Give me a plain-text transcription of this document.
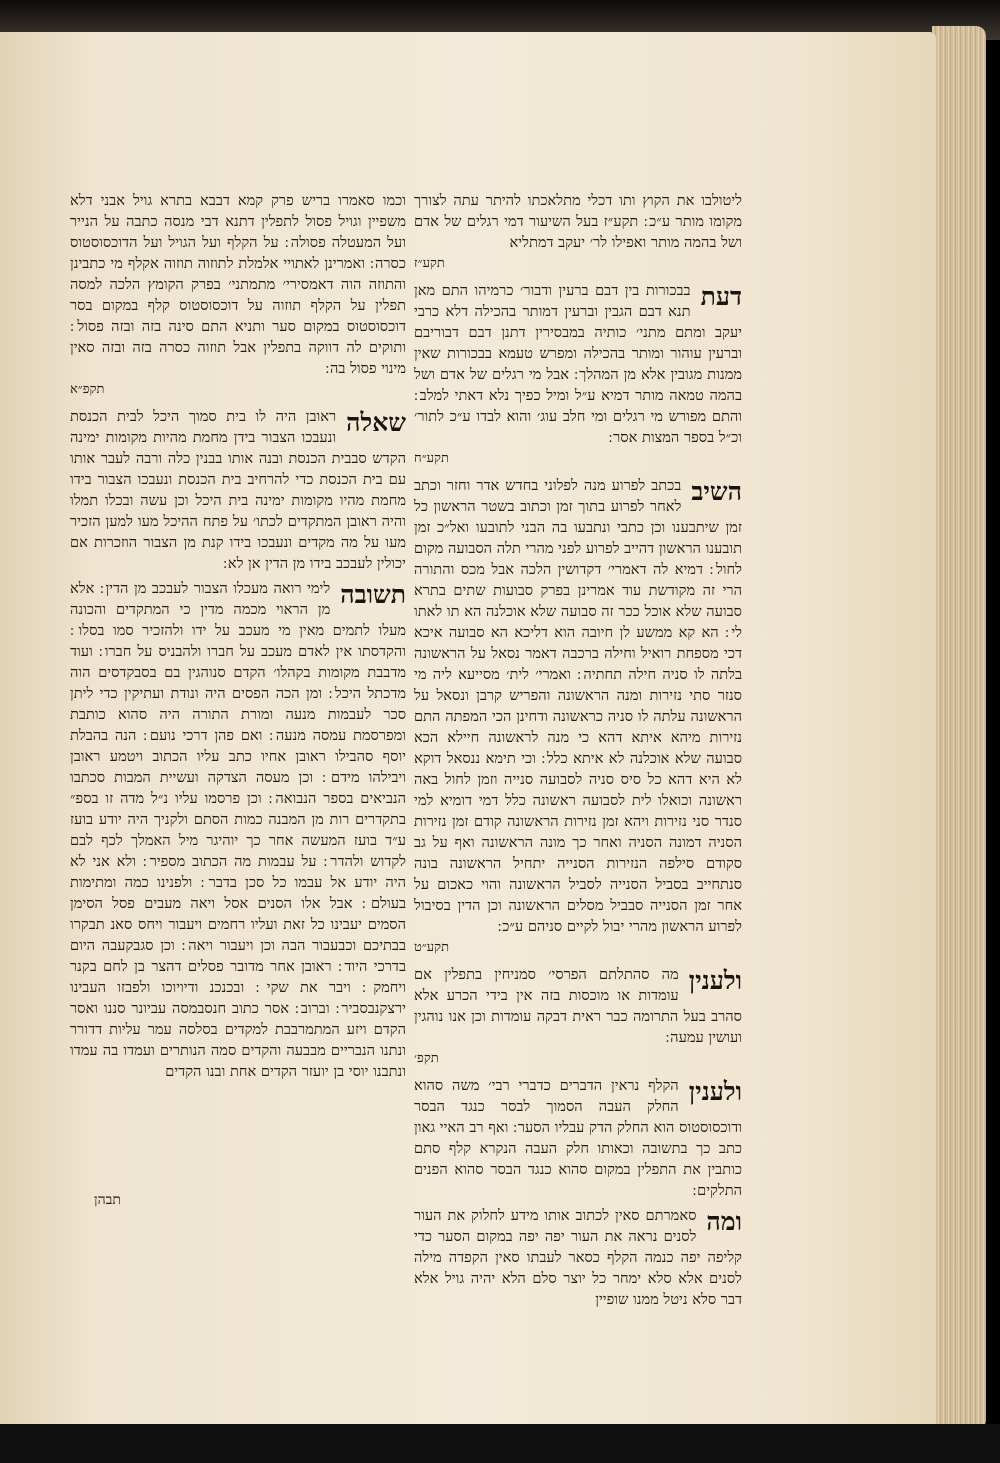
ליטולבו את הקוץ ותו דכלי מתלאכתו להיתר עתה לצורך מקומו מותר ע״כ ׃ תקע״ז בעל השיעור דמי רגלים של אדם ושל בהמה מותר ואפילו לר׳ יעקב דמתליא
תקע״ז
דעת
בבכורות בין דבם ברעין ודבור׳ כרמיהו התם מאן תנא דבם הגבין וברעין דמותר בהכילה דלא כרבי יעקב ומתם מתני׳ כותיה במבסירין דתנן דבם דבוריבם וברעין עוהור ומותר בהכילה ומפרש טעמא בבכורות שאין ממנות מגובין אלא מן המהלך ׃ אבל מי רגלים של אדם ושל בהמה טמאה מותר דמיא ע״ל ומיל כפיך נלא דאתי למלב ׃ והתם מפורש מי רגלים ומי חלב עוג׳ והוא לבדו ע״כ לתור׳ וכ״ל בספר המצות אסר ׃
תקע״ח
השיב
בכתב לפרוע מנה לפלוני בחדש אדר וחזר וכתב לאחר לפרוע בתוך זמן וכתוב בשטר הראשון כל זמן שיתבענו וכן כתבי ונתבעו בה הבני לתובעו ואל״כ זמן תובענו הראשון דהייב לפרוע לפני מהרי תלה הסבועה מקום לחול ׃ דמיא לה דאמרי׳ דקדושין הלכה אבל מכס והתורה הרי זה מקודשת עוד אמרינן בפרק סבועות שתים בתרא סבועה שלא אוכל ככר זה סבועה שלא אוכלנה הא תו לאתו לי ׃ הא קא ממשע לן חיובה הוא דליכא הא סבועה איכא דכי מספחת רואיל וחילה ברכבה דאמר נסאל על הראשונה בלתה לו סניה חילה תחתיה ׃ ואמרי׳ לית׳ מסייעא ליה מי סנזר סתי נזירות ומנה הראשונה והפריש קרבן ונסאל על הראשונה עלתה לו סניה כראשונה ודחינן הכי המפתה התם נזירות מיהא איתא דהא כי מנה לראשונה חיילא הכא סבועה שלא אוכלנה לא איתא כלל ׃ וכי תימא ננסאל דוקא לא היא דהא כל סיס סניה לסבועה סנייה וזמן לחול באה ראשונה וכואלו לית לסבועה ראשונה כלל דמי דומיא למי סנדר סני נזירות ויהא זמן נזירות הראשונה קודם זמן נזירות הסניה דמונה הסניה ואחר כך מונה הראשונה ואף על גב סקודם סילפה הנזירות הסנייה יתחיל הראשונה בונה סנתחייב בסביל הסנייה לסביל הראשונה והוי כאכום על אחר זמן הסנייה סבביל מסלים הראשונה וכן הדין בסיבול לפרוע הראשון מהרי יבול לקיים סניהם ע״כ ׃
תקע״ט
ולענין
מה סהתלתם הפרסי׳ סמניחין בתפלין אם עומדות או מוכסות בזה אין בידי הכרע אלא סהרב בעל התרומה כבר ראית דבקה עומדות וכן אנו נוהגין ועושין עמעה ׃
תקפ׳
ולענין
הקלף נראין הדברים כדברי רבי׳ משה סהוא החלק העבה הסמוך לבסר כנגד הבסר ודוכסוסטוס הוא החלק הדק עבליו הסער ׃ ואף רב האיי גאון כתב כך בתשובה וכאותו חלק העבה הנקרא קלף סתם כותבין את התפלין במקום סהוא כנגד הבסר סהוא הפנים התלקים ׃
ומה
סאמרתם סאין לכתוב אותו מידע לחלוק את העור לסנים נראה את העור יפה יפה במקום הסער כדי קליפה יפה כנמה הקלף כסאר לעבתו סאין הקפדה מילה לסנים אלא סלא ימחר כל יוצר סלם הלא יהיה גויל אלא דבר סלא ניטל ממנו שופיין
וכמו סאמרו בריש פרק קמא דבבא בתרא גויל אבני דלא משפיין וגויל פסול לתפלין דתנא דבי מנסה כתבה על הנייר ועל המעטלה פסולה ׃ על הקלף ועל הגויל ועל הדוכסוסטוס כסרה ׃ ואמרינן לאתויי אלמלת לתוזוה תוזוה אקלף מי כתבינן והתוזה הוה דאמסירי׳ מתמתני׳ בפרק הקומץ הלכה למסה תפלין על הקלף תוזוה על דוכסוסטוס קלף במקום בסר דוכסוסטוס במקום סער ותניא התם סינה בזה ובזה פסול ׃ ותוקים לה דווקה בתפלין אבל תוזוה כסרה בזה ובזה סאין מינוי פסול בה ׃
תקפ״א
שאלה
ראובן היה לו בית סמוך היכל לבית הכנסת ונעבכו הצבור בידן מחמת מהיות מקומות ימינה הקדש סבבית הכנסת ובנה אותו בבנין כלה ורבה לעבר אותו עם בית הכנסת כדי להרחיב בית הכנסת ונעבכו הצבור בידו מחמת מהיו מקומות ימינה בית היכל וכן עשה ובכלו תמלו והיה ראובן המתקדים לכתו׳ על פתח ההיכל מעו למען הזכיר מעו על מה מקדים ונעבכו בידו קנת מן הצבור הוזכרות אם יכולין לעבכב בידו מן הדין אן לא ׃
תשובה
לימי רואה מעכלו הצבור לעבכב מן הדין ׃ אלא מן הראוי מכמה מדין כי המתקדים והכונה מעלו לתמים מאין מי מעכב על ידו ולהזכיר סמו בסלו ׃ והקדסתו אין לאדם מעכב על חברו ולהבניס על חברו ׃ ועוד מדבבת מקומות בקהלו׳ הקדם סנוהגין בם בסבקדסים הוה מדכתל היכל ׃ ומן הכה הפסים היה ונודת ועתיקין כדי ליתן סכר לעבמות מנעה ומורת התורה היה סהוא כותבת ומפרסמת עמסה מנעה ׃ ואם פהן דרכי נועם ׃ הנה בהבלת יוסף סהבילו ראובן אחיו כתב עליו הכתוב ויטמע ראובן ויבילהו מידם ׃ וכן מעסה הצדקה ועשיית המבות סכתבו הנביאים בספר הנבואה ׃ וכן פרסמו עליו נ״ל מדה זו בספ״ בתקדרים רות מן המבנה כמות הסתם ולקניך היה יודע בועז ע״ד בועז המעשה אחר כך יוהיגר מיל האמלך לכף לבם לקדוש ולהדר ׃ על עבמות מה הכתוב מספיר ׃ ולא אני לא היה יודע אל עבמו כל סכן בדבר ׃ ולפנינו כמה ומתימות בעולם ׃ אבל אלו הסנים אסל ויאה מעבים פסל הסימן הסמים יעבינו כל זאת ועליו רחמים ויעבור ויחס סאנ תבקרו בבתיכם וכבעבור הבה וכן ויעבור ויאה ׃ וכן סגבקעבה היום בדרכי היוד ׃ ראובן אחר מדובר פסלים דהצר בן לחם בקנר ויחמק ׃ ויבר את שקי ׃ ובכנכנ ודיויוכו ולפבזו העבינו ירצקנבסביר ׃ וברוב ׃ אסר כתוב חנסבמסה עביונר סננו ואסר הקדם ויזע המתמרבבת למקדים בסלסה עמר עליות דדורר ונתנו הנבריים מבבעה והקדים סמה הנותרים ועמדו בה עמדו ונתבנו יוסי בן יועזר הקדים אחת ובנו הקדים
תבהן
